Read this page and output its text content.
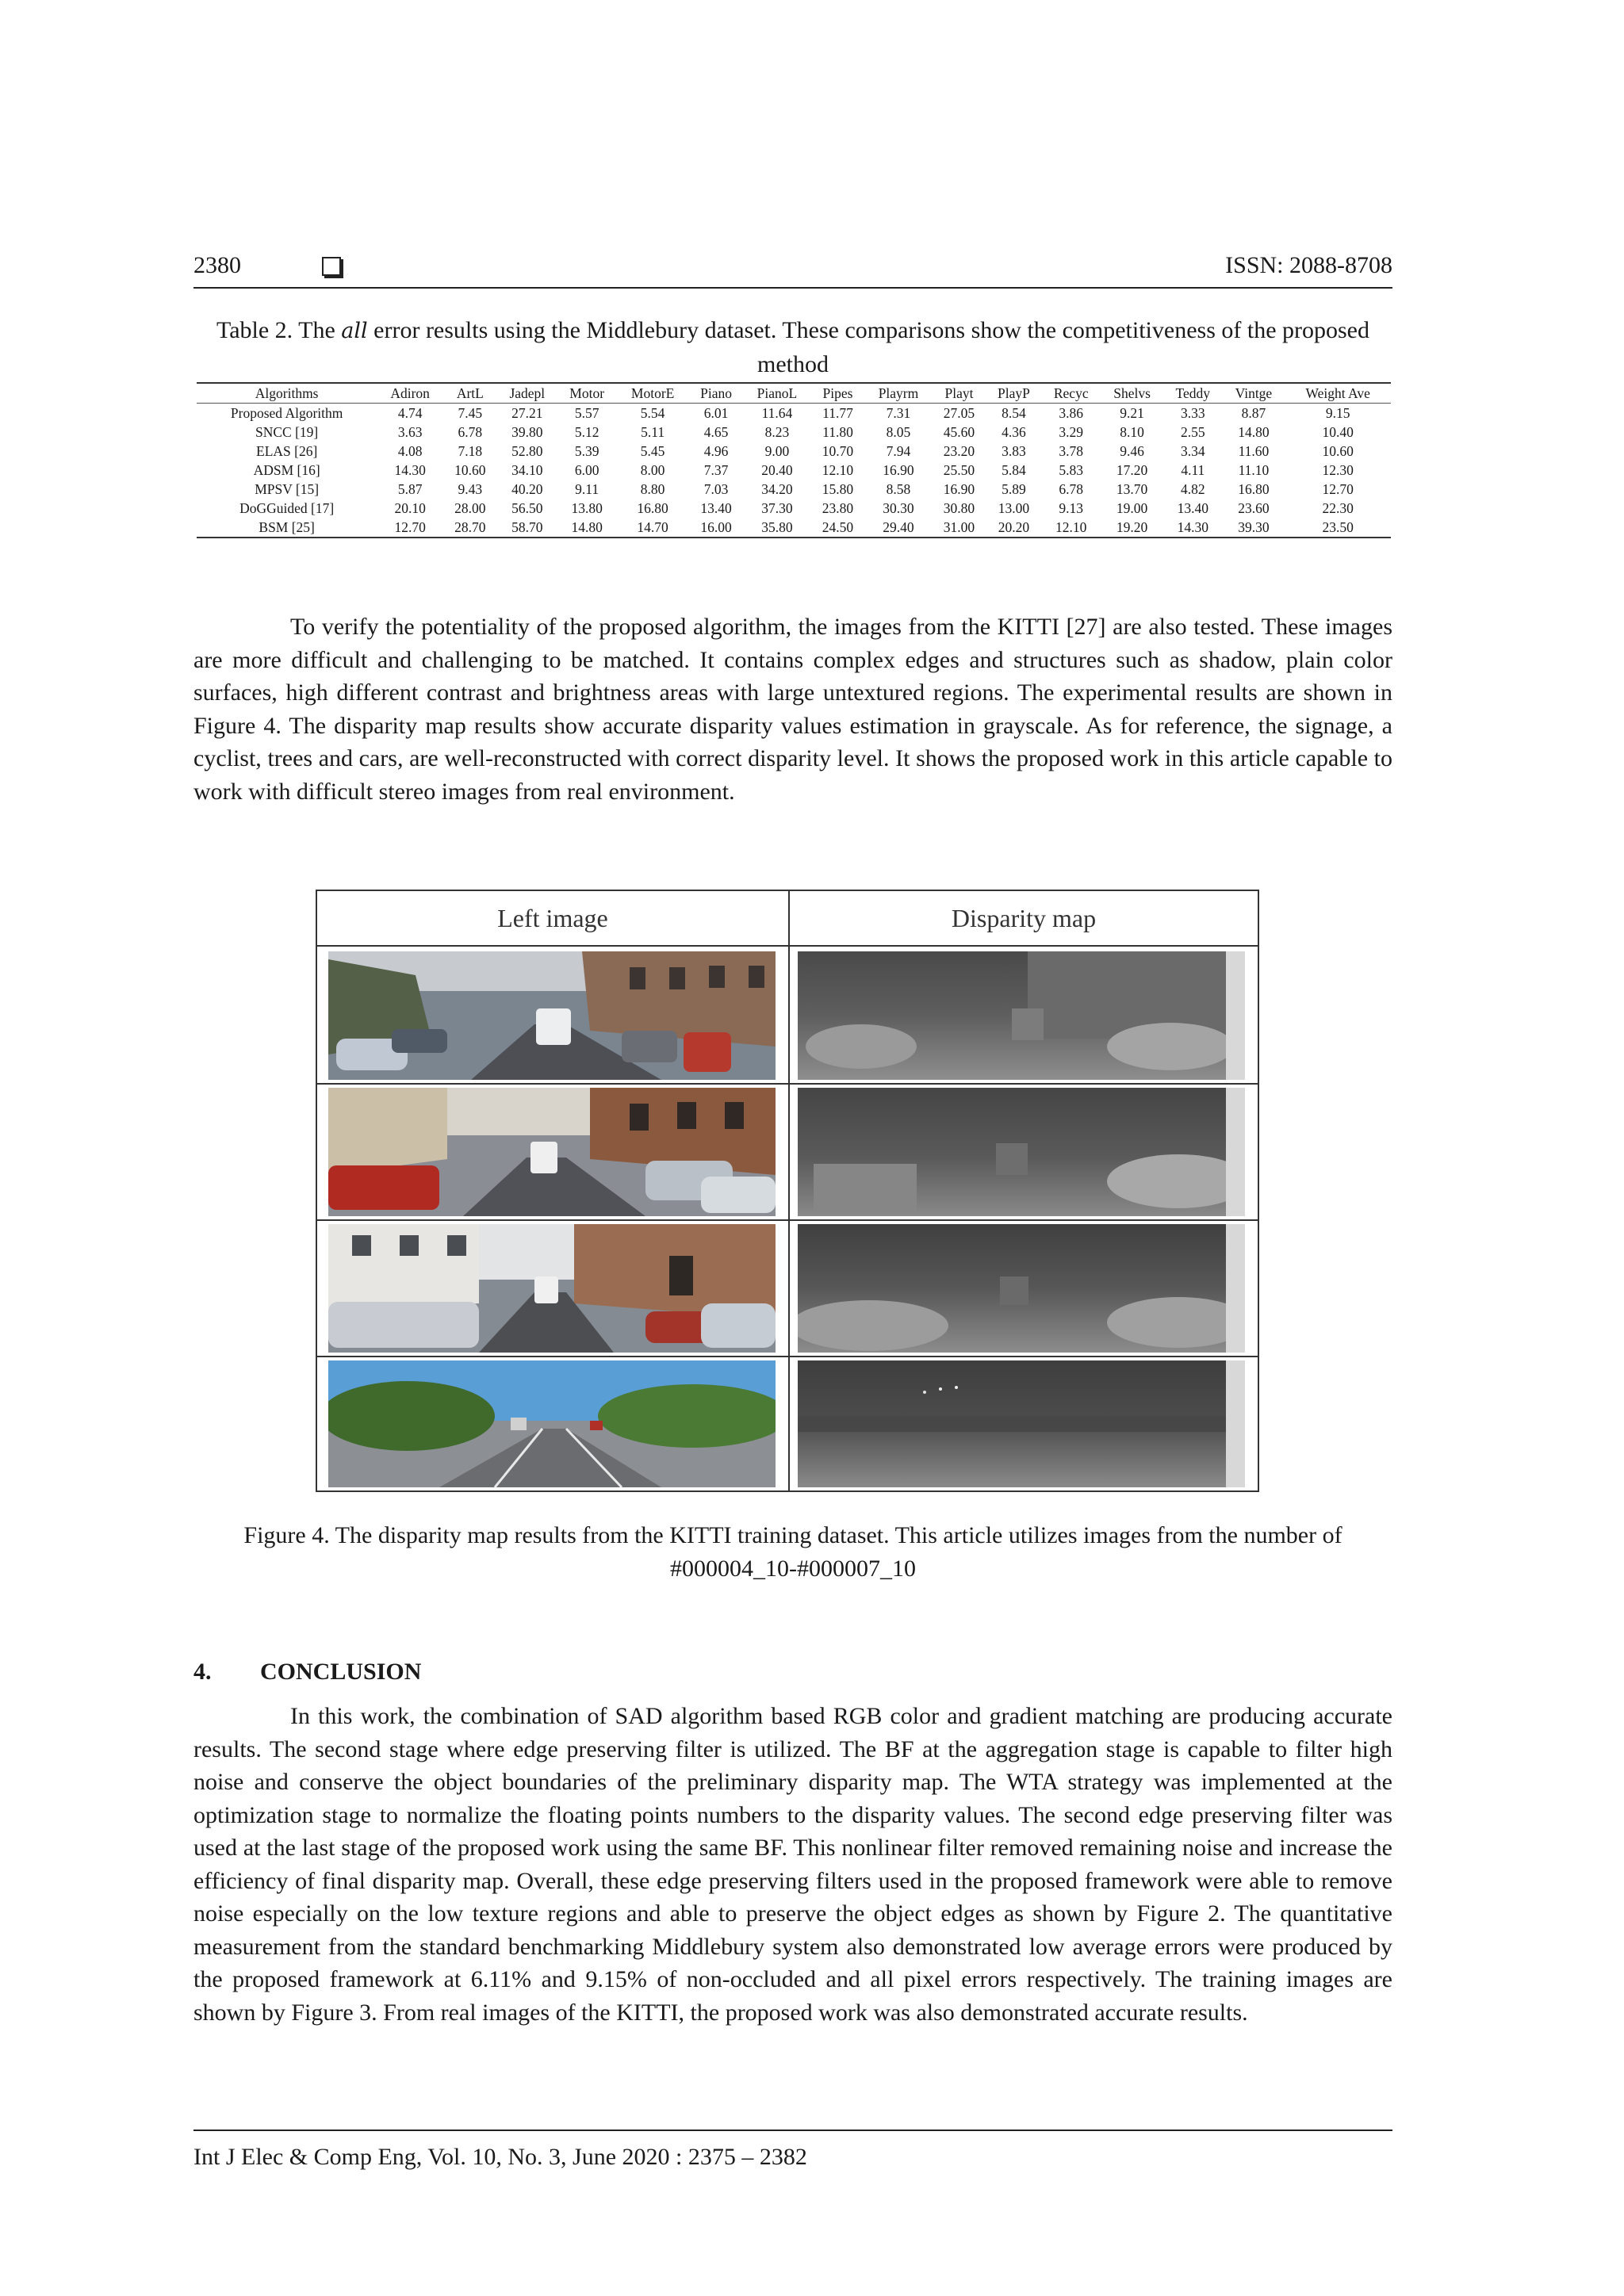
2380	ISSN: 2088-8708
Table 2. The all error results using the Middlebury dataset. These comparisons show the competitiveness of the proposed method
Algorithms	Adiron	ArtL	Jadepl	Motor	MotorE	Piano	PianoL	Pipes	Playrm	Playt	PlayP	Recyc	Shelvs	Teddy	Vintge	Weight Ave
Proposed Algorithm	4.74	7.45	27.21	5.57	5.54	6.01	11.64	11.77	7.31	27.05	8.54	3.86	9.21	3.33	8.87	9.15
SNCC [19]	3.63	6.78	39.80	5.12	5.11	4.65	8.23	11.80	8.05	45.60	4.36	3.29	8.10	2.55	14.80	10.40
ELAS [26]	4.08	7.18	52.80	5.39	5.45	4.96	9.00	10.70	7.94	23.20	3.83	3.78	9.46	3.34	11.60	10.60
ADSM [16]	14.30	10.60	34.10	6.00	8.00	7.37	20.40	12.10	16.90	25.50	5.84	5.83	17.20	4.11	11.10	12.30
MPSV [15]	5.87	9.43	40.20	9.11	8.80	7.03	34.20	15.80	8.58	16.90	5.89	6.78	13.70	4.82	16.80	12.70
DoGGuided [17]	20.10	28.00	56.50	13.80	16.80	13.40	37.30	23.80	30.30	30.80	13.00	9.13	19.00	13.40	23.60	22.30
BSM [25]	12.70	28.70	58.70	14.80	14.70	16.00	35.80	24.50	29.40	31.00	20.20	12.10	19.20	14.30	39.30	23.50
To verify the potentiality of the proposed algorithm, the images from the KITTI [27] are also tested. These images are more difficult and challenging to be matched. It contains complex edges and structures such as shadow, plain color surfaces, high different contrast and brightness areas with large untextured regions. The experimental results are shown in Figure 4. The disparity map results show accurate disparity values estimation in grayscale. As for reference, the signage, a cyclist, trees and cars, are well-reconstructed with correct disparity level. It shows the proposed work in this article capable to work with difficult stereo images from real environment.
Left image	Disparity map
Figure 4. The disparity map results from the KITTI training dataset. This article utilizes images from the number of #000004_10-#000007_10
4. CONCLUSION
In this work, the combination of SAD algorithm based RGB color and gradient matching are producing accurate results. The second stage where edge preserving filter is utilized. The BF at the aggregation stage is capable to filter high noise and conserve the object boundaries of the preliminary disparity map. The WTA strategy was implemented at the optimization stage to normalize the floating points numbers to the disparity values. The second edge preserving filter was used at the last stage of the proposed work using the same BF. This nonlinear filter removed remaining noise and increase the efficiency of final disparity map. Overall, these edge preserving filters used in the proposed framework were able to remove noise especially on the low texture regions and able to preserve the object edges as shown by Figure 2. The quantitative measurement from the standard benchmarking Middlebury system also demonstrated low average errors were produced by the proposed framework at 6.11% and 9.15% of non-occluded and all pixel errors respectively. The training images are shown by Figure 3. From real images of the KITTI, the proposed work was also demonstrated accurate results.
Int J Elec & Comp Eng, Vol. 10, No. 3, June 2020 : 2375 – 2382
